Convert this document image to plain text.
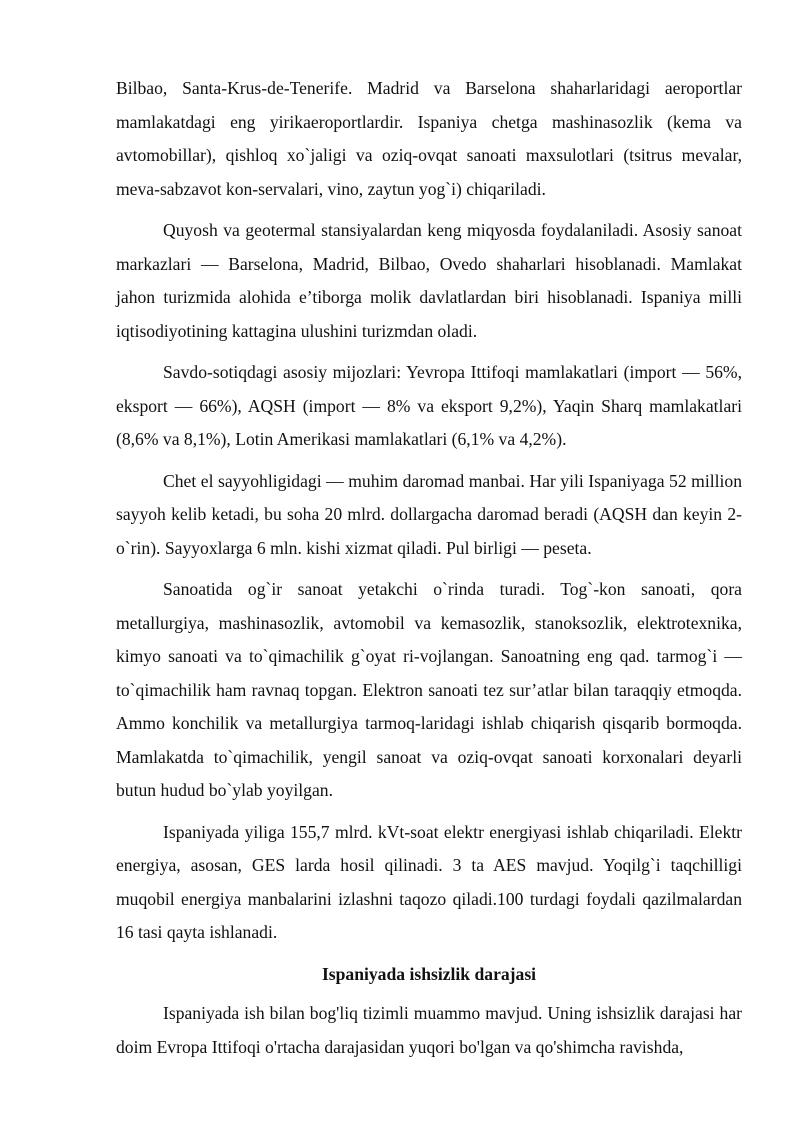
Bilbao, Santa-Krus-de-Tenerife. Madrid va Barselona shaharlaridagi aeroportlar mamlakatdagi eng yirikaeroportlardir. Ispaniya chetga mashinasozlik (kema va avtomobillar), qishloq xo`jaligi va oziq-ovqat sanoati maxsulotlari (tsitrus mevalar, meva-sabzavot kon-servalari, vino, zaytun yog`i) chiqariladi.

Quyosh va geotermal stansiyalardan keng miqyosda foydalaniladi. Asosiy sanoat markazlari — Barselona, Madrid, Bilbao, Ovedo shaharlari hisoblanadi. Mamlakat jahon turizmida alohida e’tiborga molik davlatlardan biri hisoblanadi. Ispaniya milli iqtisodiyotining kattagina ulushini turizmdan oladi.

Savdo-sotiqdagi asosiy mijozlari: Yevropa Ittifoqi mamlakatlari (import — 56%, eksport — 66%), AQSH (import — 8% va eksport 9,2%), Yaqin Sharq mamlakatlari (8,6% va 8,1%), Lotin Amerikasi mamlakatlari (6,1% va 4,2%).

Chet el sayyohligidagi — muhim daromad manbai. Har yili Ispaniyaga 52 million sayyoh kelib ketadi, bu soha 20 mlrd. dollargacha daromad beradi (AQSH dan keyin 2-o`rin). Sayyoxlarga 6 mln. kishi xizmat qiladi. Pul birligi — peseta.

Sanoatida og`ir sanoat yetakchi o`rinda turadi. Tog`-kon sanoati, qora metallurgiya, mashinasozlik, avtomobil va kemasozlik, stanoksozlik, elektrotexnika, kimyo sanoati va to`qimachilik g`oyat ri-vojlangan. Sanoatning eng qad. tarmog`i — to`qimachilik ham ravnaq topgan. Elektron sanoati tez sur’atlar bilan taraqqiy etmoqda. Ammo konchilik va metallurgiya tarmoq-laridagi ishlab chiqarish qisqarib bormoqda. Mamlakatda to`qimachilik, yengil sanoat va oziq-ovqat sanoati korxonalari deyarli butun hudud bo`ylab yoyilgan.

Ispaniyada yiliga 155,7 mlrd. kVt-soat elektr energiyasi ishlab chiqariladi. Elektr energiya, asosan, GES larda hosil qilinadi. 3 ta AES mavjud. Yoqilg`i taqchilligi muqobil energiya manbalarini izlashni taqozo qiladi.100 turdagi foydali qazilmalardan 16 tasi qayta ishlanadi.

Ispaniyada ishsizlik darajasi

Ispaniyada ish bilan bog'liq tizimli muammo mavjud. Uning ishsizlik darajasi har doim Evropa Ittifoqi o'rtacha darajasidan yuqori bo'lgan va qo'shimcha ravishda,
